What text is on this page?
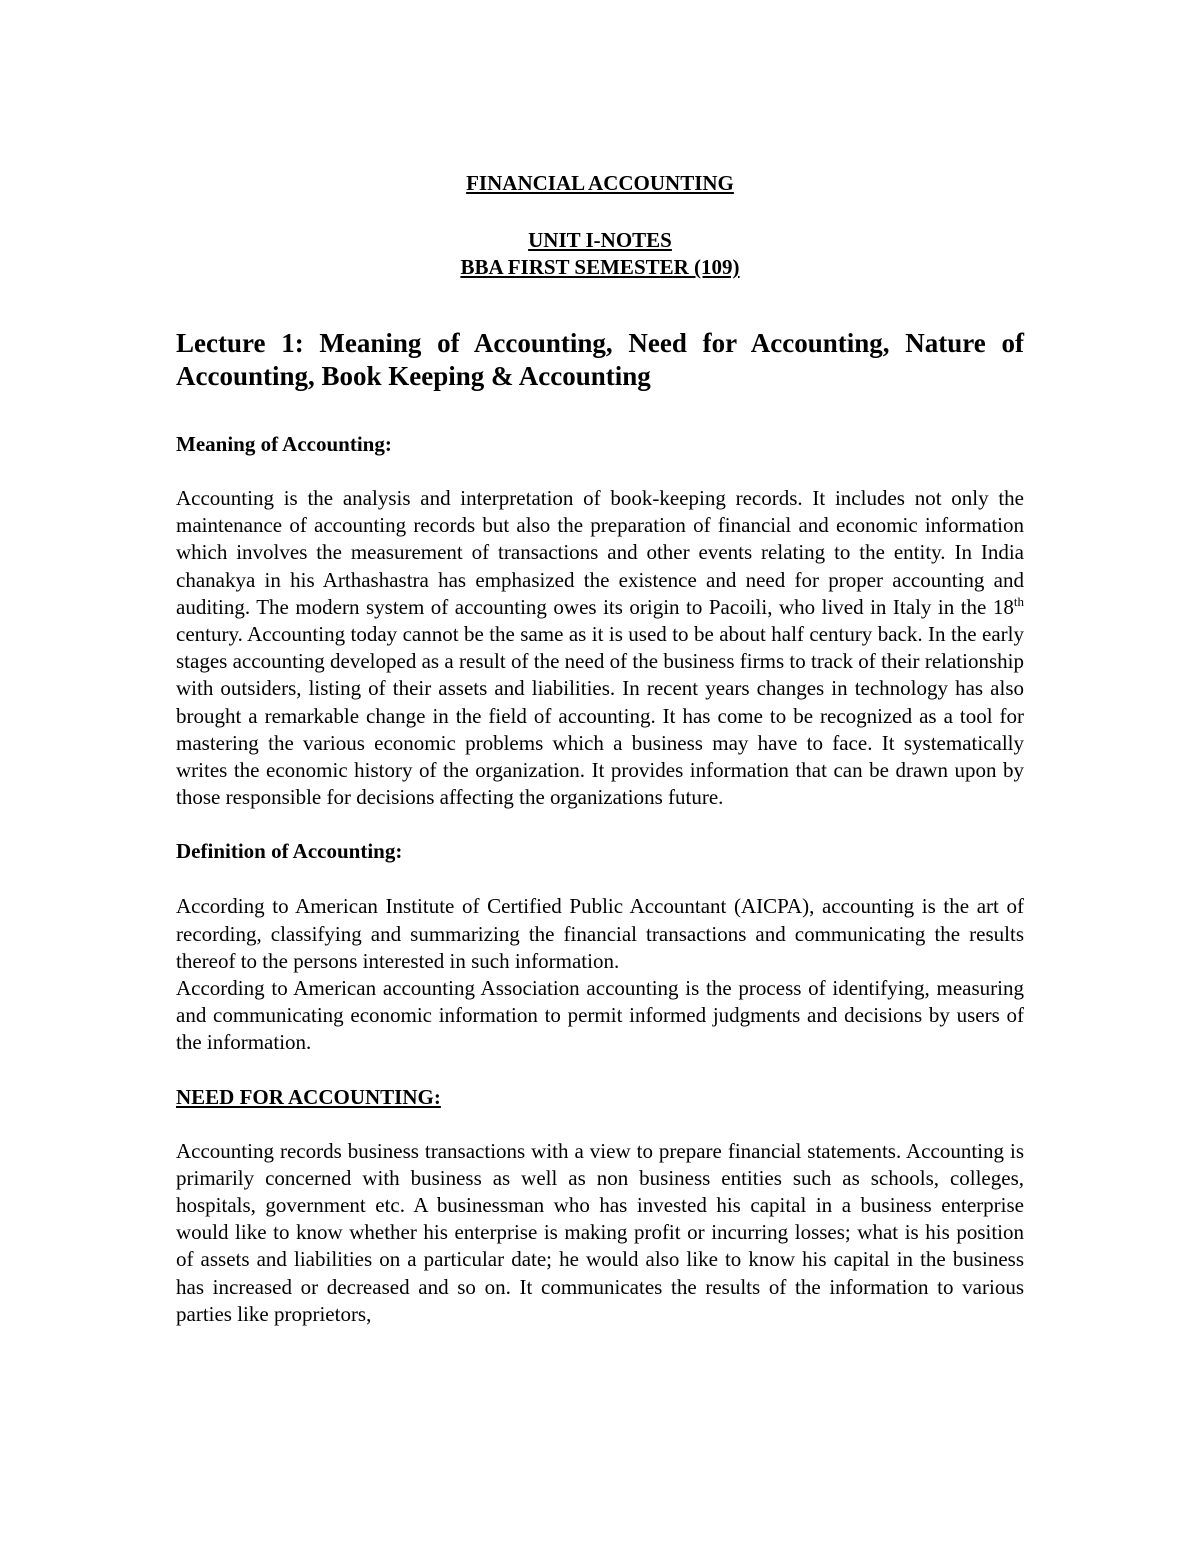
FINANCIAL ACCOUNTING

UNIT I-NOTES

BBA FIRST SEMESTER (109)

Lecture 1: Meaning of Accounting, Need for Accounting, Nature of Accounting, Book Keeping & Accounting

Meaning of Accounting:

Accounting is the analysis and interpretation of book-keeping records. It includes not only the maintenance of accounting records but also the preparation of financial and economic information which involves the measurement of transactions and other events relating to the entity. In India chanakya in his Arthashastra has emphasized the existence and need for proper accounting and auditing. The modern system of accounting owes its origin to Pacoili, who lived in Italy in the 18th century. Accounting today cannot be the same as it is used to be about half century back. In the early stages accounting developed as a result of the need of the business firms to track of their relationship with outsiders, listing of their assets and liabilities. In recent years changes in technology has also brought a remarkable change in the field of accounting. It has come to be recognized as a tool for mastering the various economic problems which a business may have to face. It systematically writes the economic history of the organization. It provides information that can be drawn upon by those responsible for decisions affecting the organizations future.

Definition of Accounting:

According to American Institute of Certified Public Accountant (AICPA), accounting is the art of recording, classifying and summarizing the financial transactions and communicating the results thereof to the persons interested in such information.

According to American accounting Association accounting is the process of identifying, measuring and communicating economic information to permit informed judgments and decisions by users of the information.

NEED FOR ACCOUNTING:

Accounting records business transactions with a view to prepare financial statements. Accounting is primarily concerned with business as well as non business entities such as schools, colleges, hospitals, government etc. A businessman who has invested his capital in a business enterprise would like to know whether his enterprise is making profit or incurring losses; what is his position of assets and liabilities on a particular date; he would also like to know his capital in the business has increased or decreased and so on. It communicates the results of the information to various parties like proprietors,
